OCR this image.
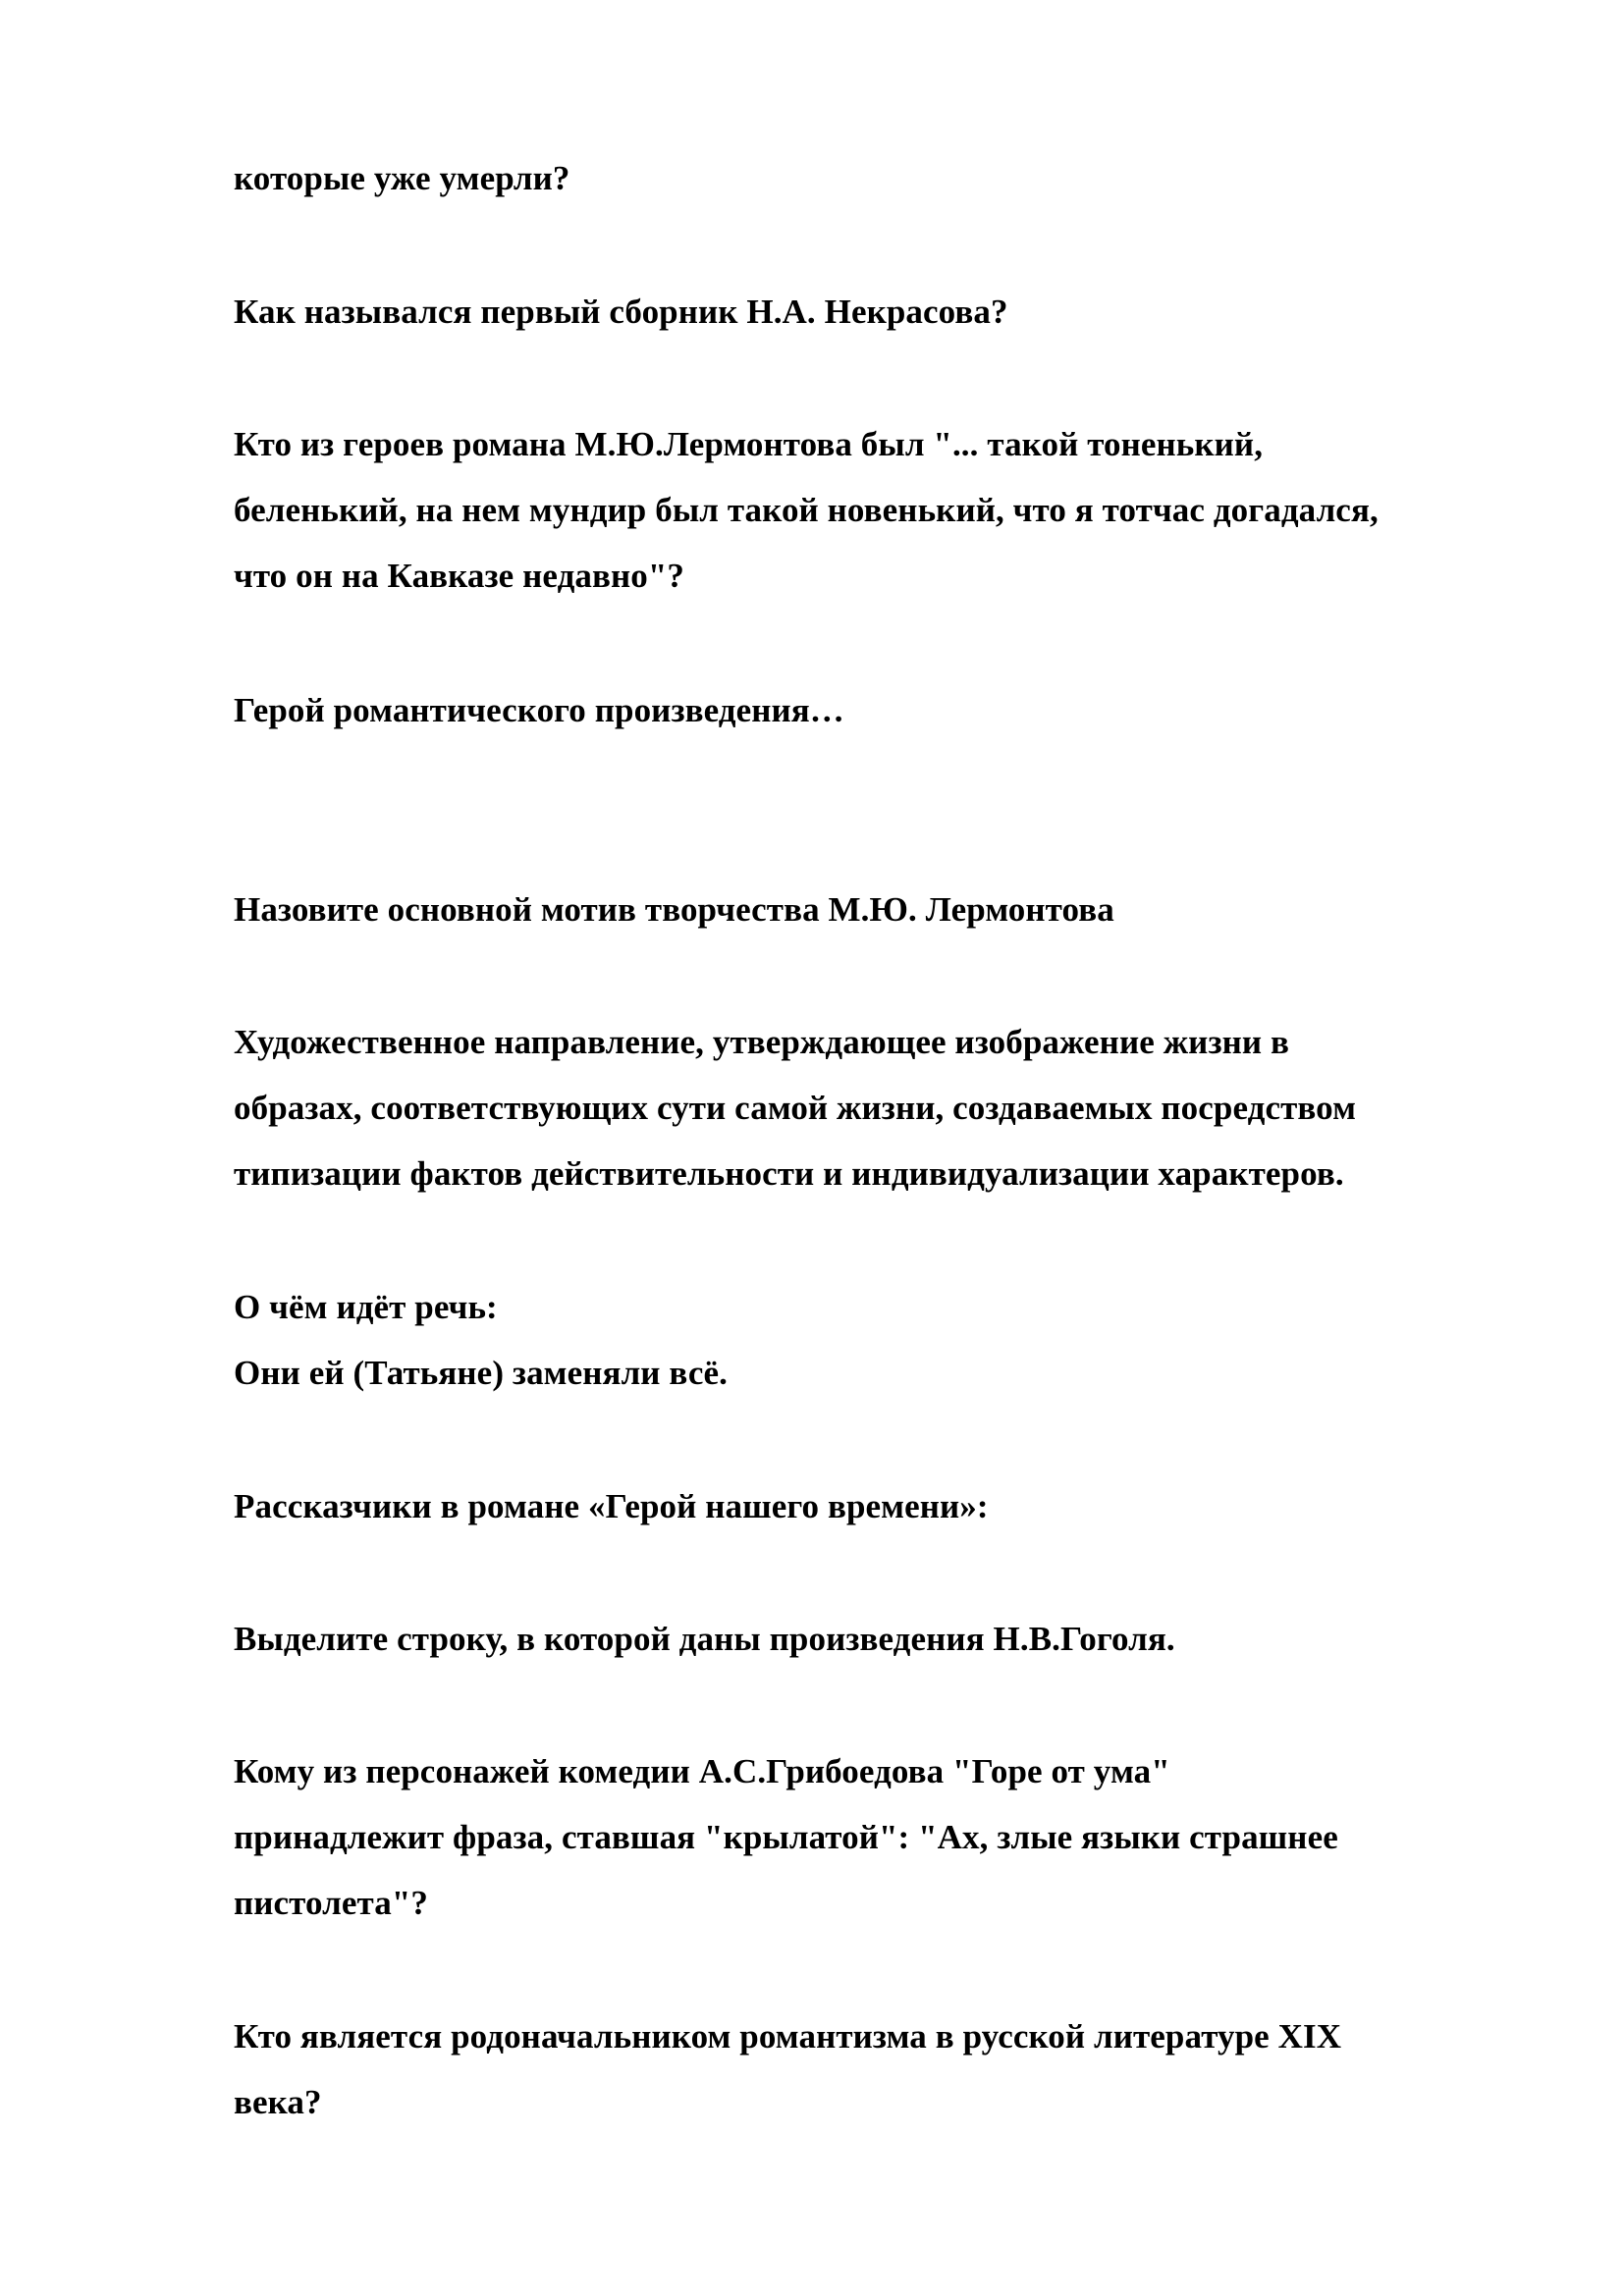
которые уже умерли?

Как назывался первый сборник Н.А. Некрасова?

Кто из героев романа М.Ю.Лермонтова был "... такой тоненький,

беленький, на нем мундир был такой новенький, что я тотчас догадался,

что он на Кавказе недавно"?

Герой романтического произведения…

Назовите основной мотив творчества М.Ю. Лермонтова

Художественное направление, утверждающее изображение жизни в

образах, соответствующих сути самой жизни, создаваемых посредством

типизации фактов действительности и индивидуализации характеров.

О чём идёт речь:

Они ей (Татьяне) заменяли всё.

Рассказчики в романе «Герой нашего времени»:

Выделите строку, в которой даны произведения Н.В.Гоголя.

Кому из персонажей комедии А.С.Грибоедова "Горе от ума"

принадлежит фраза, ставшая "крылатой": "Ах, злые языки страшнее

пистолета"?

Кто является родоначальником романтизма в русской литературе XIX

века?
